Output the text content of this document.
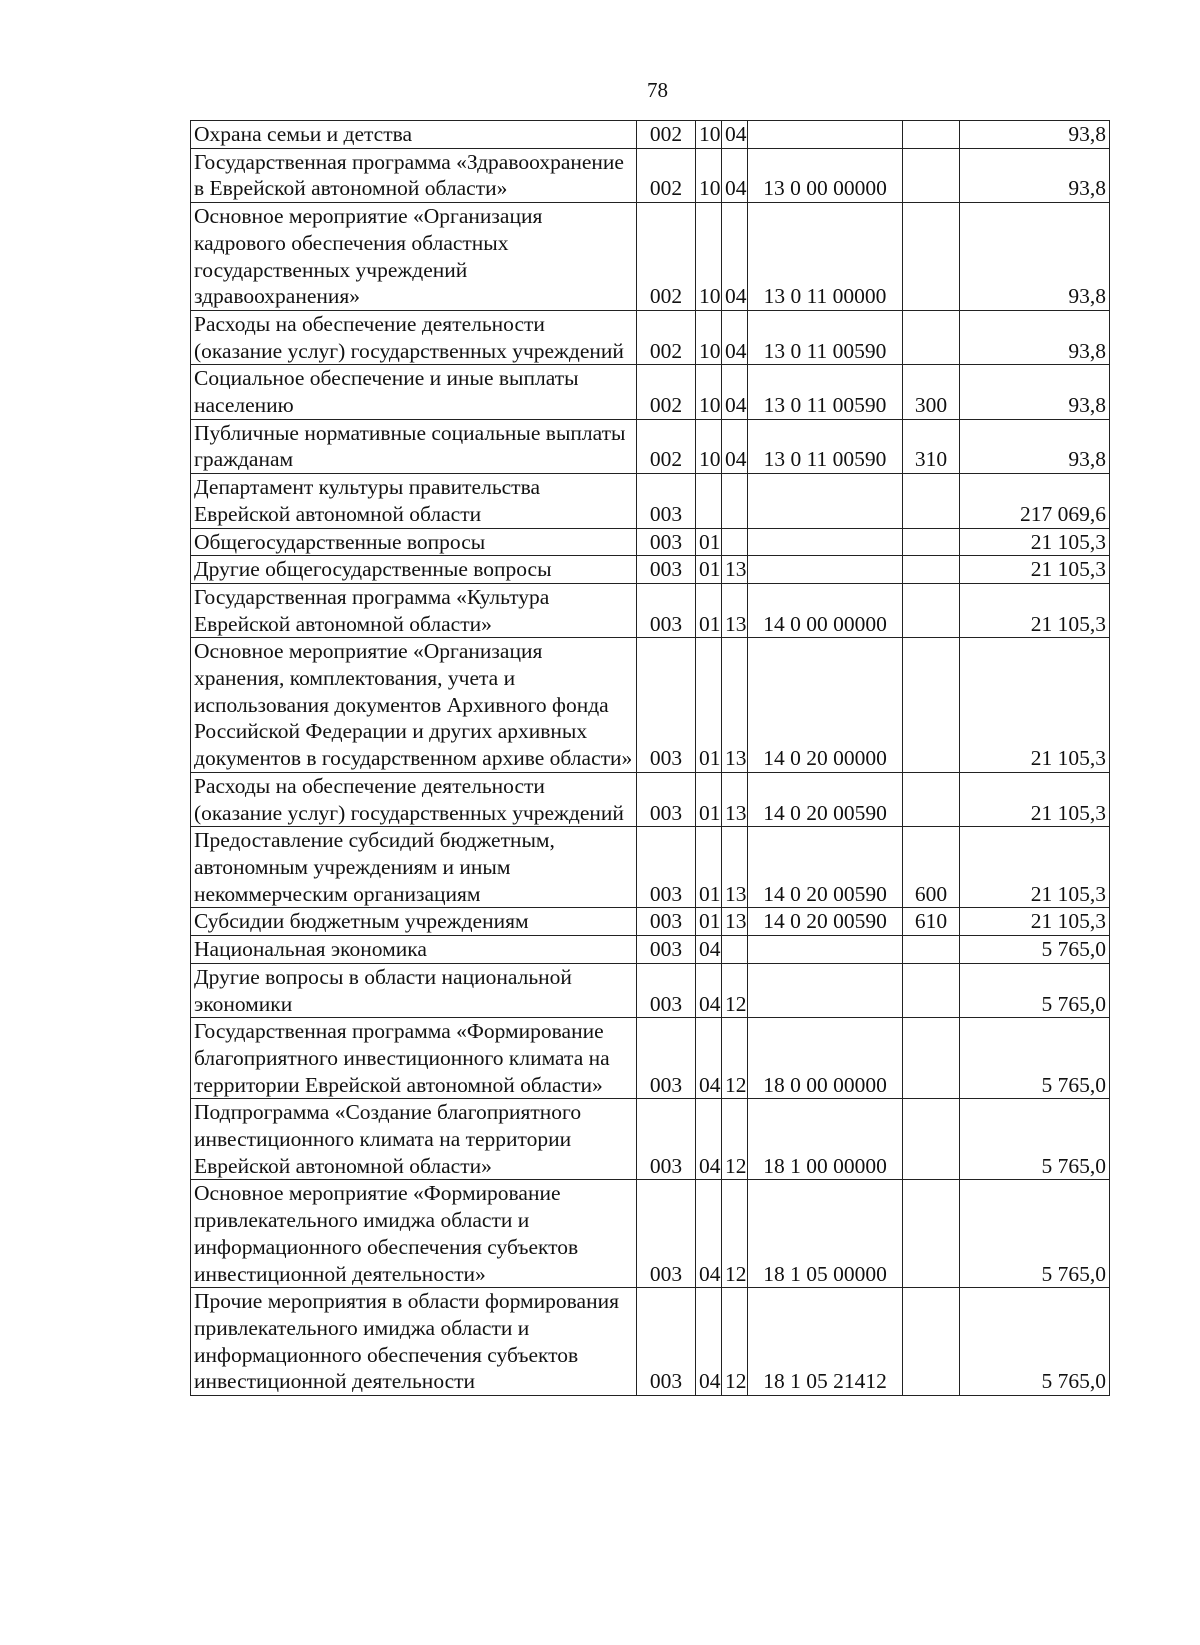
78
Охрана семьи и детства	002	10	04			93,8
Государственная программа «Здравоохранение в Еврейской автономной области»	002	10	04	13 0 00 00000		93,8
Основное мероприятие «Организация кадрового обеспечения областных государственных учреждений здравоохранения»	002	10	04	13 0 11 00000		93,8
Расходы на обеспечение деятельности (оказание услуг) государственных учреждений	002	10	04	13 0 11 00590		93,8
Социальное обеспечение и иные выплаты населению	002	10	04	13 0 11 00590	300	93,8
Публичные нормативные социальные выплаты гражданам	002	10	04	13 0 11 00590	310	93,8
Департамент культуры правительства Еврейской автономной области	003					217 069,6
Общегосударственные вопросы	003	01				21 105,3
Другие общегосударственные вопросы	003	01	13			21 105,3
Государственная программа «Культура Еврейской автономной области»	003	01	13	14 0 00 00000		21 105,3
Основное мероприятие «Организация хранения, комплектования, учета и использования документов Архивного фонда Российской Федерации и других архивных документов в государственном архиве области»	003	01	13	14 0 20 00000		21 105,3
Расходы на обеспечение деятельности (оказание услуг) государственных учреждений	003	01	13	14 0 20 00590		21 105,3
Предоставление субсидий бюджетным, автономным учреждениям и иным некоммерческим организациям	003	01	13	14 0 20 00590	600	21 105,3
Субсидии бюджетным учреждениям	003	01	13	14 0 20 00590	610	21 105,3
Национальная экономика	003	04				5 765,0
Другие вопросы в области национальной экономики	003	04	12			5 765,0
Государственная программа «Формирование благоприятного инвестиционного климата на территории Еврейской автономной области»	003	04	12	18 0 00 00000		5 765,0
Подпрограмма «Создание благоприятного инвестиционного климата на территории Еврейской автономной области»	003	04	12	18 1 00 00000		5 765,0
Основное мероприятие «Формирование привлекательного имиджа области и информационного обеспечения субъектов инвестиционной деятельности»	003	04	12	18 1 05 00000		5 765,0
Прочие мероприятия в области формирования привлекательного имиджа области и информационного обеспечения субъектов инвестиционной деятельности	003	04	12	18 1 05 21412		5 765,0
